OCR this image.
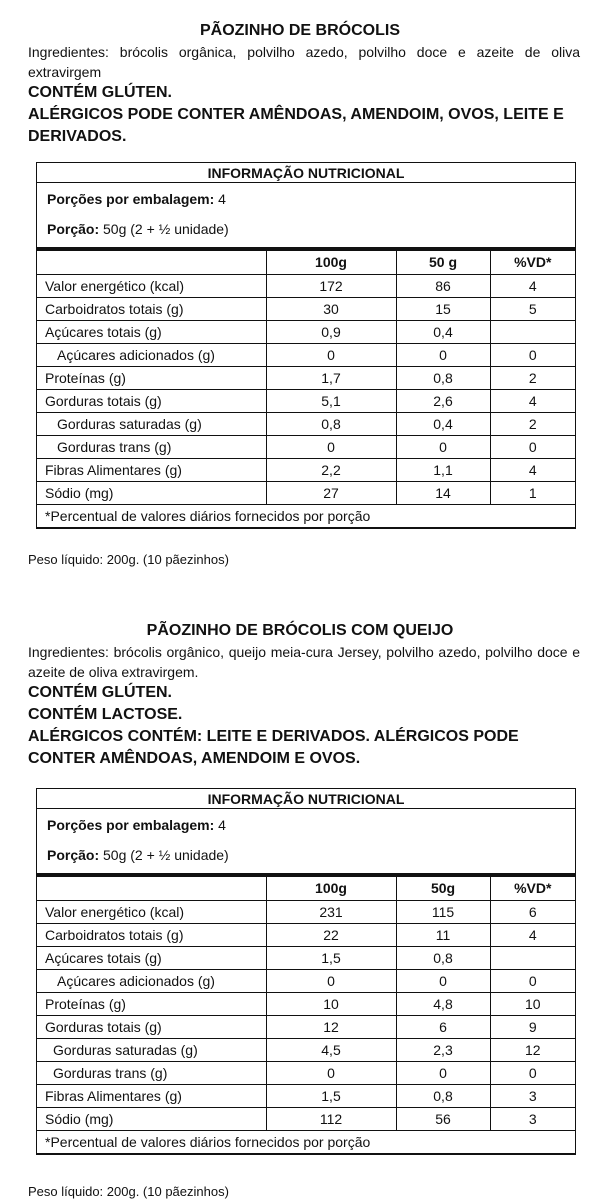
PÃOZINHO DE BRÓCOLIS

Ingredientes: brócolis orgânica, polvilho azedo, polvilho doce e azeite de oliva extravirgem

CONTÉM GLÚTEN.

ALÉRGICOS PODE CONTER AMÊNDOAS, AMENDOIM, OVOS, LEITE E DERIVADOS.

INFORMAÇÃO NUTRICIONAL
Porções por embalagem: 4
Porção: 50g (2 + ½ unidade)
	100g	50 g	%VD*
Valor energético (kcal)	172	86	4
Carboidratos totais (g)	30	15	5
Açúcares totais (g)	0,9	0,4	
Açúcares adicionados (g)	0	0	0
Proteínas (g)	1,7	0,8	2
Gorduras totais (g)	5,1	2,6	4
Gorduras saturadas (g)	0,8	0,4	2
Gorduras trans (g)	0	0	0
Fibras Alimentares (g)	2,2	1,1	4
Sódio (mg)	27	14	1
*Percentual de valores diários fornecidos por porção			
Peso líquido: 200g. (10 pãezinhos)
PÃOZINHO DE BRÓCOLIS COM QUEIJO

Ingredientes: brócolis orgânico, queijo meia-cura Jersey, polvilho azedo, polvilho doce e azeite de oliva extravirgem.

CONTÉM GLÚTEN.

CONTÉM LACTOSE.

ALÉRGICOS CONTÉM: LEITE E DERIVADOS. ALÉRGICOS PODE CONTER AMÊNDOAS, AMENDOIM E OVOS.

INFORMAÇÃO NUTRICIONAL
Porções por embalagem: 4
Porção: 50g (2 + ½ unidade)
	100g	50g	%VD*
Valor energético (kcal)	231	115	6
Carboidratos totais (g)	22	11	4
Açúcares totais (g)	1,5	0,8	
Açúcares adicionados (g)	0	0	0
Proteínas (g)	10	4,8	10
Gorduras totais (g)	12	6	9
Gorduras saturadas (g)	4,5	2,3	12
Gorduras trans (g)	0	0	0
Fibras Alimentares (g)	1,5	0,8	3
Sódio (mg)	112	56	3
*Percentual de valores diários fornecidos por porção			
Peso líquido: 200g. (10 pãezinhos)
